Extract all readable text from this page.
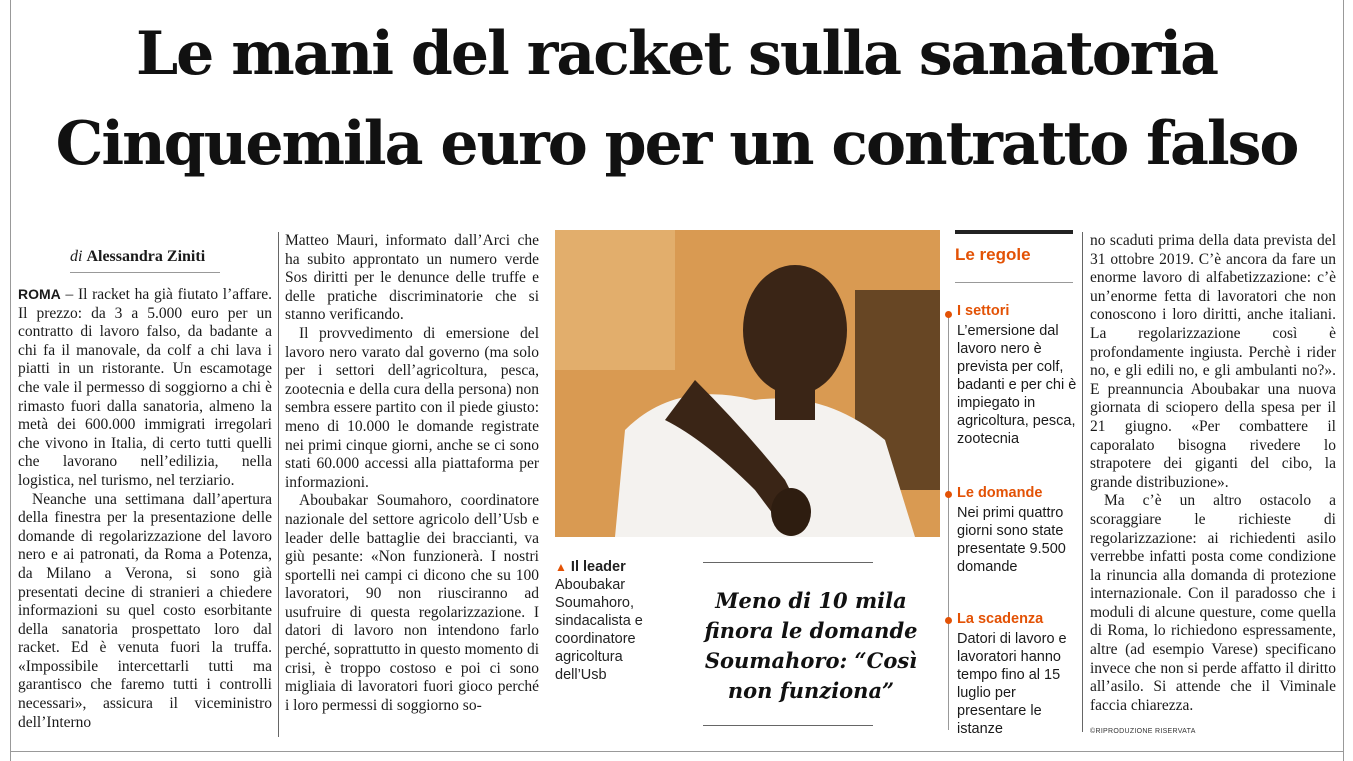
Le mani del racket sulla sanatoria
Cinquemila euro per un contratto falso
di Alessandra Ziniti

ROMA – Il racket ha già fiutato l’affare. Il prezzo: da 3 a 5.000 euro per un contratto di lavoro falso, da badante a chi fa il manovale, da colf a chi lava i piatti in un ristorante. Un escamotage che vale il permesso di soggiorno a chi è rimasto fuori dalla sanatoria, almeno la metà dei 600.000 immigrati irregolari che vivono in Italia, di certo tutti quelli che lavorano nell’edilizia, nella logistica, nel turismo, nel terziario.

Neanche una settimana dall’apertura della finestra per la presentazione delle domande di regolarizzazione del lavoro nero e ai patronati, da Roma a Potenza, da Milano a Verona, si sono già presentati decine di stranieri a chiedere informazioni su quel costo esorbitante della sanatoria prospettato loro dal racket. Ed è venuta fuori la truffa. «Impossibile intercettarli tutti ma garantisco che faremo tutti i controlli necessari», assicura il viceministro dell’Interno

Matteo Mauri, informato dall’Arci che ha subito approntato un numero verde Sos diritti per le denunce delle truffe e delle pratiche discriminatorie che si stanno verificando.

Il provvedimento di emersione del lavoro nero varato dal governo (ma solo per i settori dell’agricoltura, pesca, zootecnia e della cura della persona) non sembra essere partito con il piede giusto: meno di 10.000 le domande registrate nei primi cinque giorni, anche se ci sono stati 60.000 accessi alla piattaforma per informazioni.

Aboubakar Soumahoro, coordinatore nazionale del settore agricolo dell’Usb e leader delle battaglie dei braccianti, va giù pesante: «Non funzionerà. I nostri sportelli nei campi ci dicono che su 100 lavoratori, 90 non riusciranno ad usufruire di questa regolarizzazione. I datori di lavoro non intendono farlo perché, soprattutto in questo momento di crisi, è troppo costoso e poi ci sono migliaia di lavoratori fuori gioco perché i loro permessi di soggiorno so-

▲ Il leader Aboubakar Soumahoro, sindacalista e coordinatore agricoltura dell’Usb
Meno di 10 mila finora le domande Soumahoro: “Così non funziona”
Le regole
I settori
L’emersione dal lavoro nero è prevista per colf, badanti e per chi è impiegato in agricoltura, pesca, zootecnia
Le domande
Nei primi quattro giorni sono state presentate 9.500 domande
La scadenza
Datori di lavoro e lavoratori hanno tempo fino al 15 luglio per presentare le istanze

no scaduti prima della data prevista del 31 ottobre 2019. C’è ancora da fare un enorme lavoro di alfabetizzazione: c’è un’enorme fetta di lavoratori che non conoscono i loro diritti, anche italiani. La regolarizzazione così è profondamente ingiusta. Perchè i rider no, e gli edili no, e gli ambulanti no?». E preannuncia Aboubakar una nuova giornata di sciopero della spesa per il 21 giugno. «Per combattere il caporalato bisogna rivedere lo strapotere dei giganti del cibo, la grande distribuzione».

Ma c’è un altro ostacolo a scoraggiare le richieste di regolarizzazione: ai richiedenti asilo verrebbe infatti posta come condizione la rinuncia alla domanda di protezione internazionale. Con il paradosso che i moduli di alcune questure, come quella di Roma, lo richiedono espressamente, altre (ad esempio Varese) specificano invece che non si perde affatto il diritto all’asilo. Si attende che il Viminale faccia chiarezza.

©RIPRODUZIONE RISERVATA
